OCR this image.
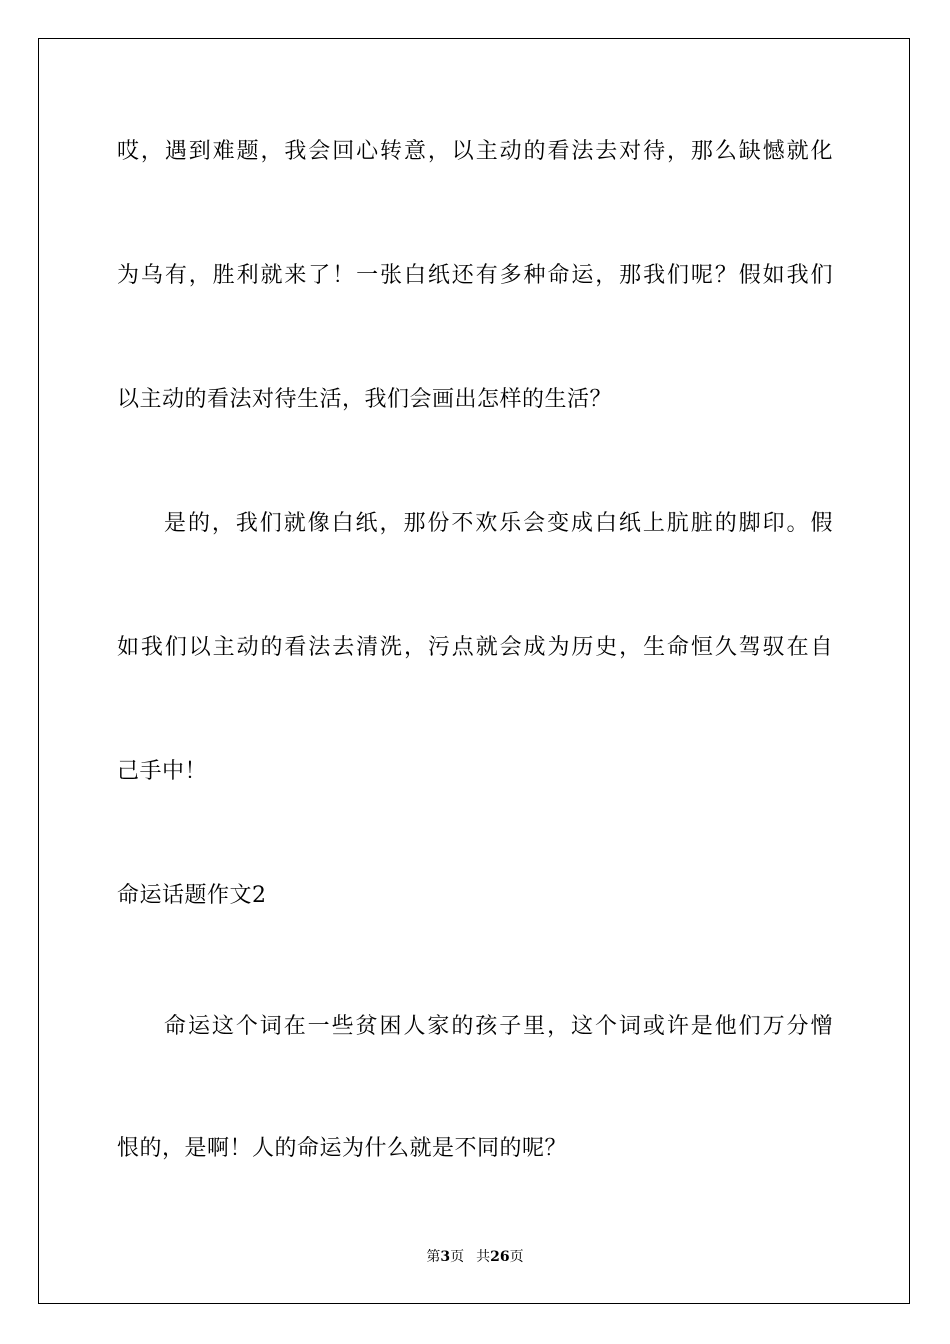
哎，遇到难题，我会回心转意，以主动的看法去对待，那么缺憾就化
为乌有，胜利就来了！一张白纸还有多种命运，那我们呢？假如我们
以主动的看法对待生活，我们会画出怎样的生活？
是的，我们就像白纸，那份不欢乐会变成白纸上肮脏的脚印。假
如我们以主动的看法去清洗，污点就会成为历史，生命恒久驾驭在自
己手中！
命运话题作文2
命运这个词在一些贫困人家的孩子里，这个词或许是他们万分憎
恨的，是啊！人的命运为什么就是不同的呢？
第3页 共26页
